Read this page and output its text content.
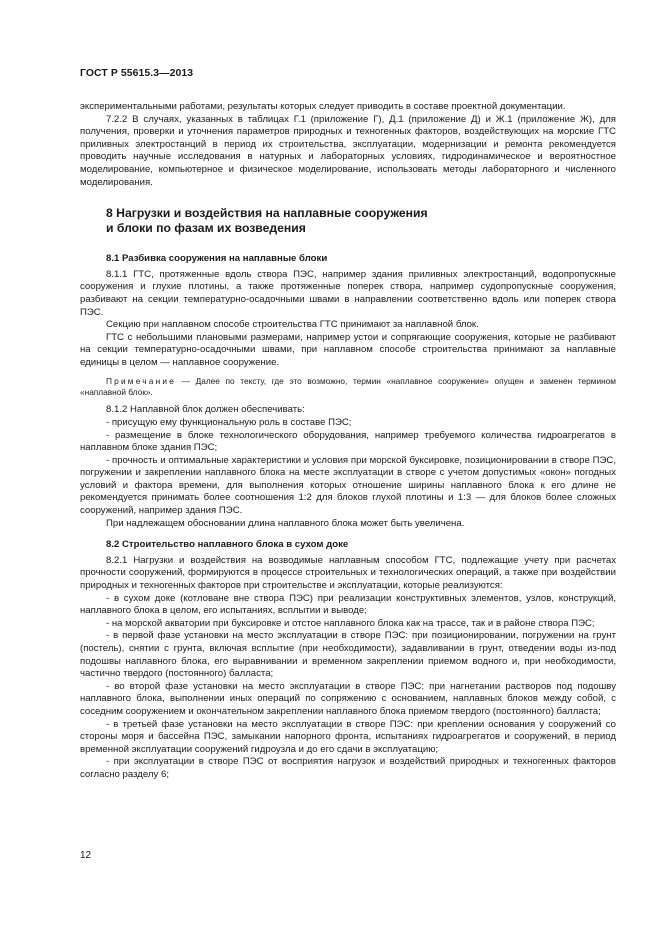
ГОСТ Р 55615.3—2013

экспериментальными работами, результаты которых следует приводить в составе проектной документации.

7.2.2 В случаях, указанных в таблицах Г.1 (приложение Г), Д.1 (приложение Д) и Ж.1 (приложение Ж), для получения, проверки и уточнения параметров природных и техногенных факторов, воздействующих на морские ГТС приливных электростанций в период их строительства, эксплуатации, модернизации и ремонта рекомендуется проводить научные исследования в натурных и лабораторных условиях, гидродинамическое и вероятностное моделирование, компьютерное и физическое моделирование, использовать методы лабораторного и численного моделирования.

8 Нагрузки и воздействия на наплавные сооружения
и блоки по фазам их возведения
8.1 Разбивка сооружения на наплавные блоки

8.1.1 ГТС, протяженные вдоль створа ПЭС, например здания приливных электростанций, водопропускные сооружения и глухие плотины, а также протяженные поперек створа, например судопропускные сооружения, разбивают на секции температурно-осадочными швами в направлении соответственно вдоль или поперек створа ПЭС.

Секцию при наплавном способе строительства ГТС принимают за наплавной блок.

ГТС с небольшими плановыми размерами, например устои и сопрягающие сооружения, которые не разбивают на секции температурно-осадочными швами, при наплавном способе строительства принимают за наплавные единицы в целом — наплавное сооружение.

Примечание — Далее по тексту, где это возможно, термин «наплавное сооружение» опущен и заменен термином «наплавной блок».

8.1.2 Наплавной блок должен обеспечивать:

- присущую ему функциональную роль в составе ПЭС;

- размещение в блоке технологического оборудования, например требуемого количества гидроагрегатов в наплавном блоке здания ПЭС;

- прочность и оптимальные характеристики и условия при морской буксировке, позиционировании в створе ПЭС, погружении и закреплении наплавного блока на месте эксплуатации в створе с учетом допустимых «окон» погодных условий и фактора времени, для выполнения которых отношение ширины наплавного блока к его длине не рекомендуется принимать более соотношения 1:2 для блоков глухой плотины и 1:3 — для блоков более сложных сооружений, например здания ПЭС.

При надлежащем обосновании длина наплавного блока может быть увеличена.

8.2 Строительство наплавного блока в сухом доке

8.2.1 Нагрузки и воздействия на возводимые наплавным способом ГТС, подлежащие учету при расчетах прочности сооружений, формируются в процессе строительных и технологических операций, а также при воздействии природных и техногенных факторов при строительстве и эксплуатации, которые реализуются:

- в сухом доке (котловане вне створа ПЭС) при реализации конструктивных элементов, узлов, конструкций, наплавного блока в целом, его испытаниях, всплытии и выводе;

- на морской акватории при буксировке и отстое наплавного блока как на трассе, так и в районе створа ПЭС;

- в первой фазе установки на место эксплуатации в створе ПЭС: при позиционировании, погружении на грунт (постель), снятии с грунта, включая всплытие (при необходимости), задавливании в грунт, отведении воды из-под подошвы наплавного блока, его выравнивании и временном закреплении приемом водного и, при необходимости, частично твердого (постоянного) балласта;

- во второй фазе установки на место эксплуатации в створе ПЭС: при нагнетании растворов под подошву наплавного блока, выполнении иных операций по сопряжению с основанием, наплавных блоков между собой, с соседним сооружением и окончательном закреплении наплавного блока приемом твердого (постоянного) балласта;

- в третьей фазе установки на место эксплуатации в створе ПЭС: при креплении основания у сооружений со стороны моря и бассейна ПЭС, замыкании напорного фронта, испытаниях гидроагрегатов и сооружений, в период временной эксплуатации сооружений гидроузла и до его сдачи в эксплуатацию;

- при эксплуатации в створе ПЭС от восприятия нагрузок и воздействий природных и техногенных факторов согласно разделу 6;

12
